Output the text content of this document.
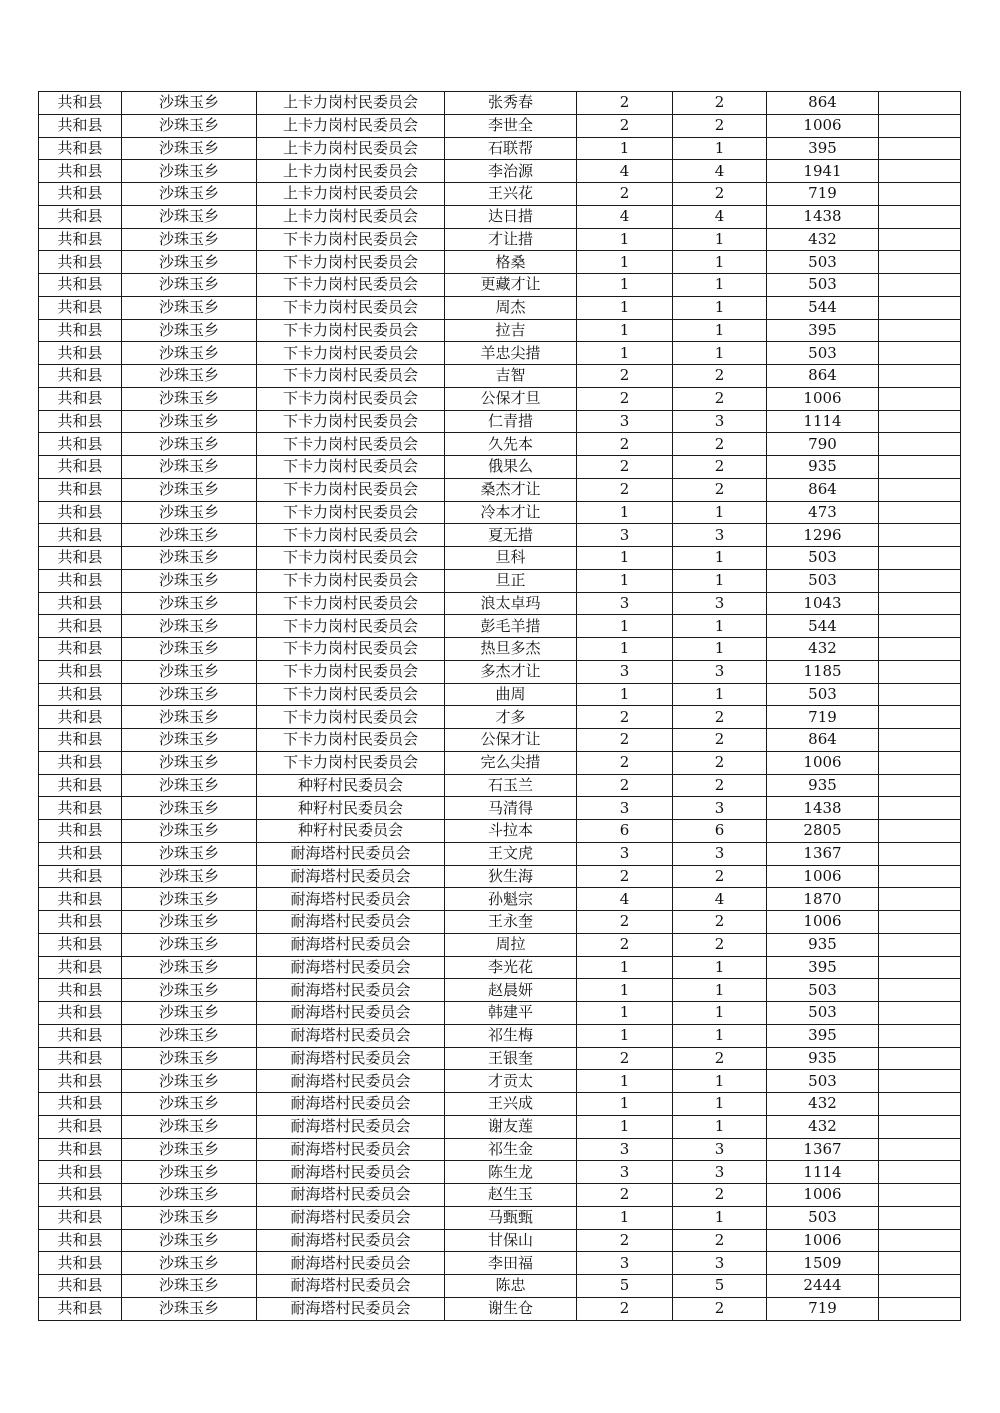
共和县	沙珠玉乡	上卡力岗村民委员会	张秀春	2	2	864	
共和县	沙珠玉乡	上卡力岗村民委员会	李世全	2	2	1006	
共和县	沙珠玉乡	上卡力岗村民委员会	石联帮	1	1	395	
共和县	沙珠玉乡	上卡力岗村民委员会	李治源	4	4	1941	
共和县	沙珠玉乡	上卡力岗村民委员会	王兴花	2	2	719	
共和县	沙珠玉乡	上卡力岗村民委员会	达日措	4	4	1438	
共和县	沙珠玉乡	下卡力岗村民委员会	才让措	1	1	432	
共和县	沙珠玉乡	下卡力岗村民委员会	格桑	1	1	503	
共和县	沙珠玉乡	下卡力岗村民委员会	更藏才让	1	1	503	
共和县	沙珠玉乡	下卡力岗村民委员会	周杰	1	1	544	
共和县	沙珠玉乡	下卡力岗村民委员会	拉吉	1	1	395	
共和县	沙珠玉乡	下卡力岗村民委员会	羊忠尖措	1	1	503	
共和县	沙珠玉乡	下卡力岗村民委员会	吉智	2	2	864	
共和县	沙珠玉乡	下卡力岗村民委员会	公保才旦	2	2	1006	
共和县	沙珠玉乡	下卡力岗村民委员会	仁青措	3	3	1114	
共和县	沙珠玉乡	下卡力岗村民委员会	久先本	2	2	790	
共和县	沙珠玉乡	下卡力岗村民委员会	俄果么	2	2	935	
共和县	沙珠玉乡	下卡力岗村民委员会	桑杰才让	2	2	864	
共和县	沙珠玉乡	下卡力岗村民委员会	冷本才让	1	1	473	
共和县	沙珠玉乡	下卡力岗村民委员会	夏无措	3	3	1296	
共和县	沙珠玉乡	下卡力岗村民委员会	旦科	1	1	503	
共和县	沙珠玉乡	下卡力岗村民委员会	旦正	1	1	503	
共和县	沙珠玉乡	下卡力岗村民委员会	浪太卓玛	3	3	1043	
共和县	沙珠玉乡	下卡力岗村民委员会	彭毛羊措	1	1	544	
共和县	沙珠玉乡	下卡力岗村民委员会	热旦多杰	1	1	432	
共和县	沙珠玉乡	下卡力岗村民委员会	多杰才让	3	3	1185	
共和县	沙珠玉乡	下卡力岗村民委员会	曲周	1	1	503	
共和县	沙珠玉乡	下卡力岗村民委员会	才多	2	2	719	
共和县	沙珠玉乡	下卡力岗村民委员会	公保才让	2	2	864	
共和县	沙珠玉乡	下卡力岗村民委员会	完么尖措	2	2	1006	
共和县	沙珠玉乡	种籽村民委员会	石玉兰	2	2	935	
共和县	沙珠玉乡	种籽村民委员会	马清得	3	3	1438	
共和县	沙珠玉乡	种籽村民委员会	斗拉本	6	6	2805	
共和县	沙珠玉乡	耐海塔村民委员会	王文虎	3	3	1367	
共和县	沙珠玉乡	耐海塔村民委员会	狄生海	2	2	1006	
共和县	沙珠玉乡	耐海塔村民委员会	孙魁宗	4	4	1870	
共和县	沙珠玉乡	耐海塔村民委员会	王永奎	2	2	1006	
共和县	沙珠玉乡	耐海塔村民委员会	周拉	2	2	935	
共和县	沙珠玉乡	耐海塔村民委员会	李光花	1	1	395	
共和县	沙珠玉乡	耐海塔村民委员会	赵晨妍	1	1	503	
共和县	沙珠玉乡	耐海塔村民委员会	韩建平	1	1	503	
共和县	沙珠玉乡	耐海塔村民委员会	祁生梅	1	1	395	
共和县	沙珠玉乡	耐海塔村民委员会	王银奎	2	2	935	
共和县	沙珠玉乡	耐海塔村民委员会	才贡太	1	1	503	
共和县	沙珠玉乡	耐海塔村民委员会	王兴成	1	1	432	
共和县	沙珠玉乡	耐海塔村民委员会	谢友莲	1	1	432	
共和县	沙珠玉乡	耐海塔村民委员会	祁生金	3	3	1367	
共和县	沙珠玉乡	耐海塔村民委员会	陈生龙	3	3	1114	
共和县	沙珠玉乡	耐海塔村民委员会	赵生玉	2	2	1006	
共和县	沙珠玉乡	耐海塔村民委员会	马甄甄	1	1	503	
共和县	沙珠玉乡	耐海塔村民委员会	甘保山	2	2	1006	
共和县	沙珠玉乡	耐海塔村民委员会	李田福	3	3	1509	
共和县	沙珠玉乡	耐海塔村民委员会	陈忠	5	5	2444	
共和县	沙珠玉乡	耐海塔村民委员会	谢生仓	2	2	719	
